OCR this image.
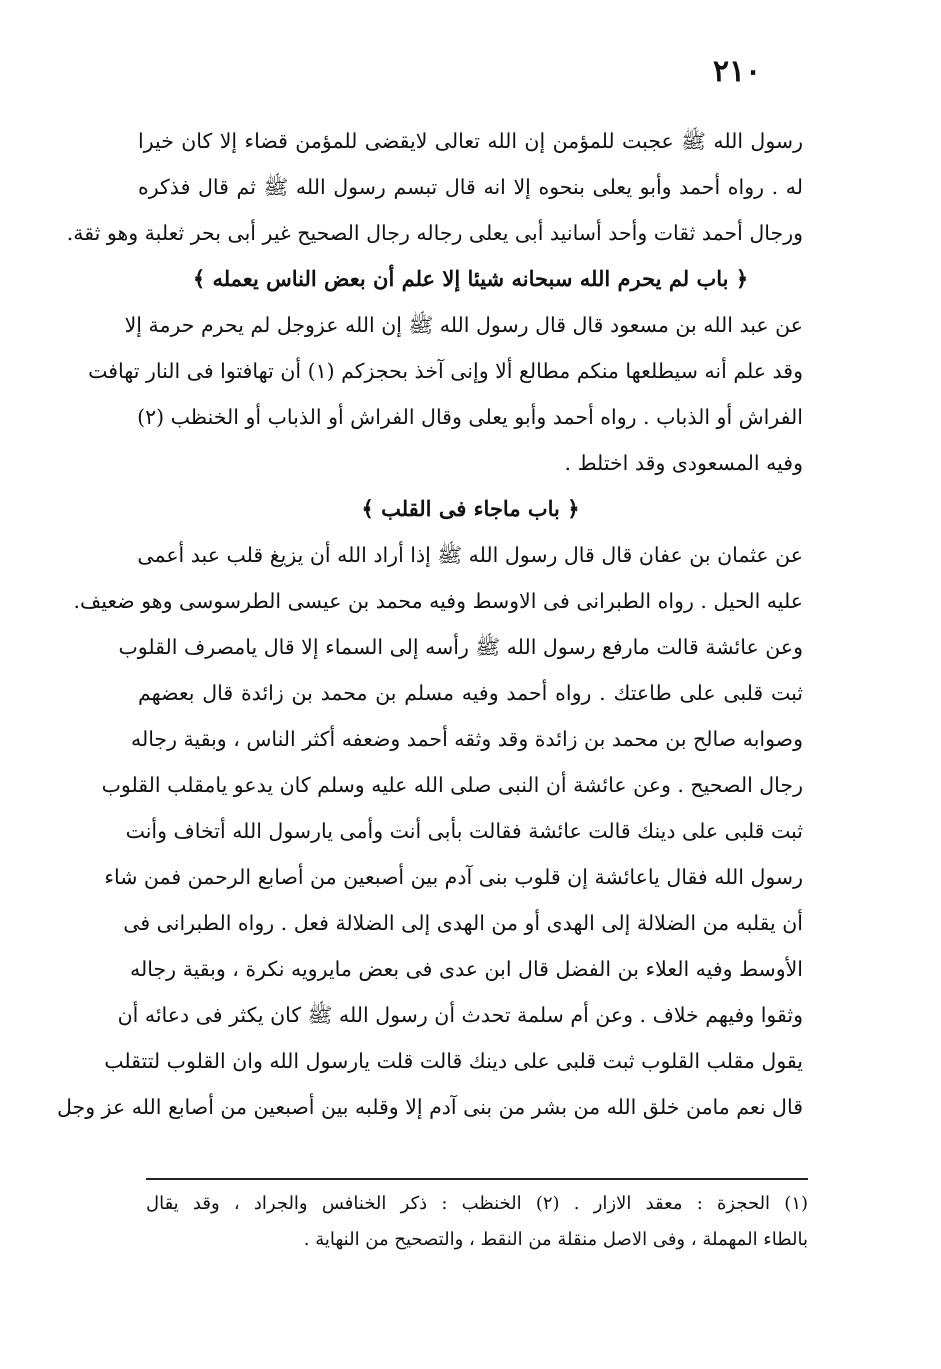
٢١٠
رسول الله ﷺ عجبت للمؤمن إن الله تعالى لايقضى للمؤمن قضاء إلا كان خيرا
له . رواه أحمد وأبو يعلى بنحوه إلا انه قال تبسم رسول الله ﷺ ثم قال فذكره
ورجال أحمد ثقات وأحد أسانيد أبى يعلى رجاله رجال الصحيح غير أبى بحر ثعلبة وهو ثقة.
﴿ باب لم يحرم الله سبحانه شيئا إلا علم أن بعض الناس يعمله ﴾
عن عبد الله بن مسعود قال قال رسول الله ﷺ إن الله عزوجل لم يحرم حرمة إلا
وقد علم أنه سيطلعها منكم مطالع ألا وإنى آخذ بحجزكم (١) أن تهافتوا فى النار تهافت
الفراش أو الذباب . رواه أحمد وأبو يعلى وقال الفراش أو الذباب أو الخنظب (٢)
وفيه المسعودى وقد اختلط .
﴿ باب ماجاء فى القلب ﴾
عن عثمان بن عفان قال قال رسول الله ﷺ إذا أراد الله أن يزيغ قلب عبد أعمى
عليه الحيل . رواه الطبرانى فى الاوسط وفيه محمد بن عيسى الطرسوسى وهو ضعيف.
وعن عائشة قالت مارفع رسول الله ﷺ رأسه إلى السماء إلا قال يامصرف القلوب
ثبت قلبى على طاعتك . رواه أحمد وفيه مسلم بن محمد بن زائدة قال بعضهم
وصوابه صالح بن محمد بن زائدة وقد وثقه أحمد وضعفه أكثر الناس ، وبقية رجاله
رجال الصحيح . وعن عائشة أن النبى صلى الله عليه وسلم كان يدعو يامقلب القلوب
ثبت قلبى على دينك قالت عائشة فقالت بأبى أنت وأمى يارسول الله أتخاف وأنت
رسول الله فقال ياعائشة إن قلوب بنى آدم بين أصبعين من أصابع الرحمن فمن شاء
أن يقلبه من الضلالة إلى الهدى أو من الهدى إلى الضلالة فعل . رواه الطبرانى فى
الأوسط وفيه العلاء بن الفضل قال ابن عدى فى بعض مايرويه نكرة ، وبقية رجاله
وثقوا وفيهم خلاف . وعن أم سلمة تحدث أن رسول الله ﷺ كان يكثر فى دعائه أن
يقول مقلب القلوب ثبت قلبى على دينك قالت قلت يارسول الله وان القلوب لتتقلب
قال نعم مامن خلق الله من بشر من بنى آدم إلا وقلبه بين أصبعين من أصابع الله عز وجل
(١) الحجزة : معقد الازار . (٢) الخنظب : ذكر الخنافس والجراد ، وقد يقال
بالطاء المهملة ، وفى الاصل منقلة من النقط ، والتصحيح من النهاية .
